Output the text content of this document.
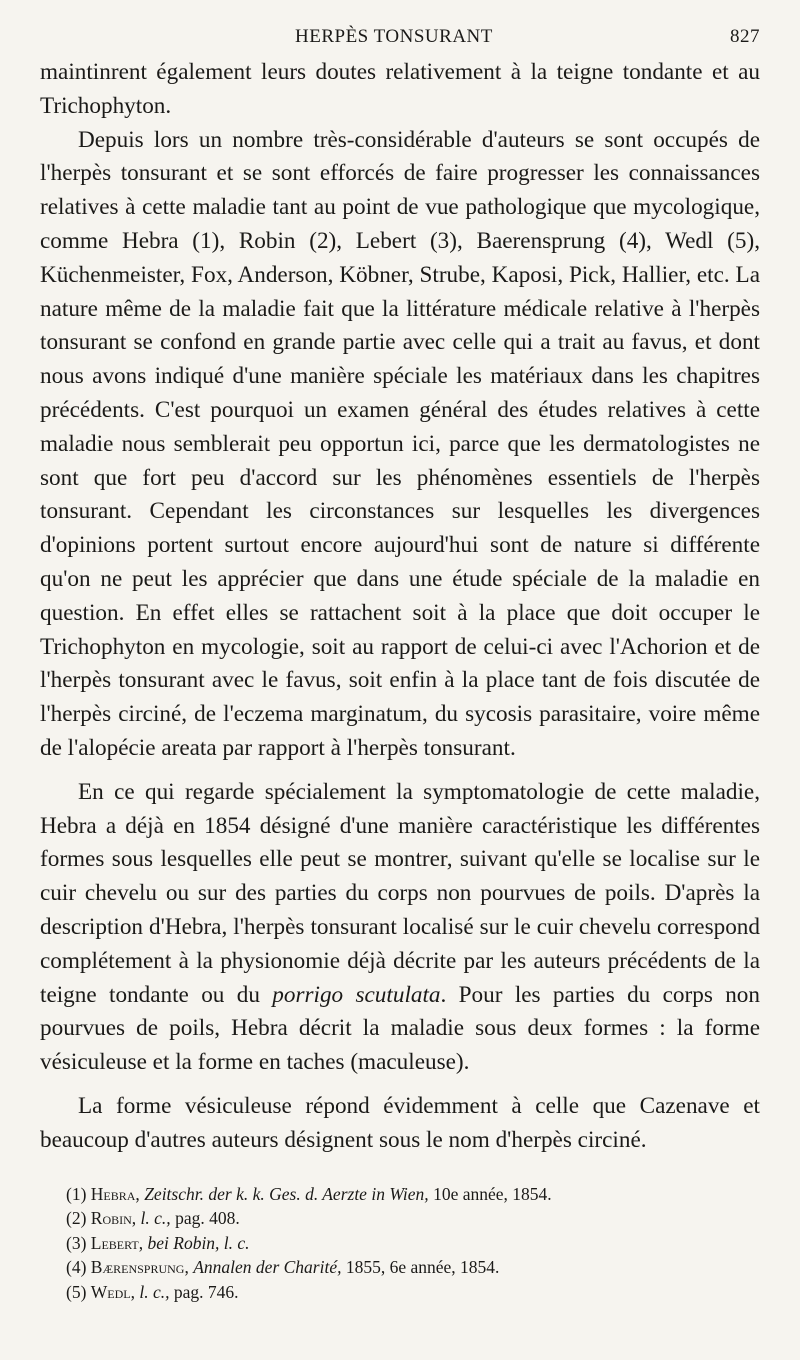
HERPÈS TONSURANT	827

maintinrent également leurs doutes relativement à la teigne tondante et au Trichophyton.

Depuis lors un nombre très-considérable d'auteurs se sont occupés de l'herpès tonsurant et se sont efforcés de faire progresser les connaissances relatives à cette maladie tant au point de vue pathologique que mycologique, comme Hebra (1), Robin (2), Lebert (3), Baerensprung (4), Wedl (5), Küchenmeister, Fox, Anderson, Köbner, Strube, Kaposi, Pick, Hallier, etc. La nature même de la maladie fait que la littérature médicale relative à l'herpès tonsurant se confond en grande partie avec celle qui a trait au favus, et dont nous avons indiqué d'une manière spéciale les matériaux dans les chapitres précédents. C'est pourquoi un examen général des études relatives à cette maladie nous semblerait peu opportun ici, parce que les dermatologistes ne sont que fort peu d'accord sur les phénomènes essentiels de l'herpès tonsurant. Cependant les circonstances sur lesquelles les divergences d'opinions portent surtout encore aujourd'hui sont de nature si différente qu'on ne peut les apprécier que dans une étude spéciale de la maladie en question. En effet elles se rattachent soit à la place que doit occuper le Trichophyton en mycologie, soit au rapport de celui-ci avec l'Achorion et de l'herpès tonsurant avec le favus, soit enfin à la place tant de fois discutée de l'herpès circiné, de l'eczema marginatum, du sycosis parasitaire, voire même de l'alopécie areata par rapport à l'herpès tonsurant.

En ce qui regarde spécialement la symptomatologie de cette maladie, Hebra a déjà en 1854 désigné d'une manière caractéristique les différentes formes sous lesquelles elle peut se montrer, suivant qu'elle se localise sur le cuir chevelu ou sur des parties du corps non pourvues de poils. D'après la description d'Hebra, l'herpès tonsurant localisé sur le cuir chevelu correspond complétement à la physionomie déjà décrite par les auteurs précédents de la teigne tondante ou du porrigo scutulata. Pour les parties du corps non pourvues de poils, Hebra décrit la maladie sous deux formes : la forme vésiculeuse et la forme en taches (maculeuse).

La forme vésiculeuse répond évidemment à celle que Cazenave et beaucoup d'autres auteurs désignent sous le nom d'herpès circiné.

(1) Hebra, Zeitschr. der k. k. Ges. d. Aerzte in Wien, 10e année, 1854.
(2) Robin, l. c., pag. 408.
(3) Lebert, bei Robin, l. c.
(4) Bærensprung, Annalen der Charité, 1855, 6e année, 1854.
(5) Wedl, l. c., pag. 746.
